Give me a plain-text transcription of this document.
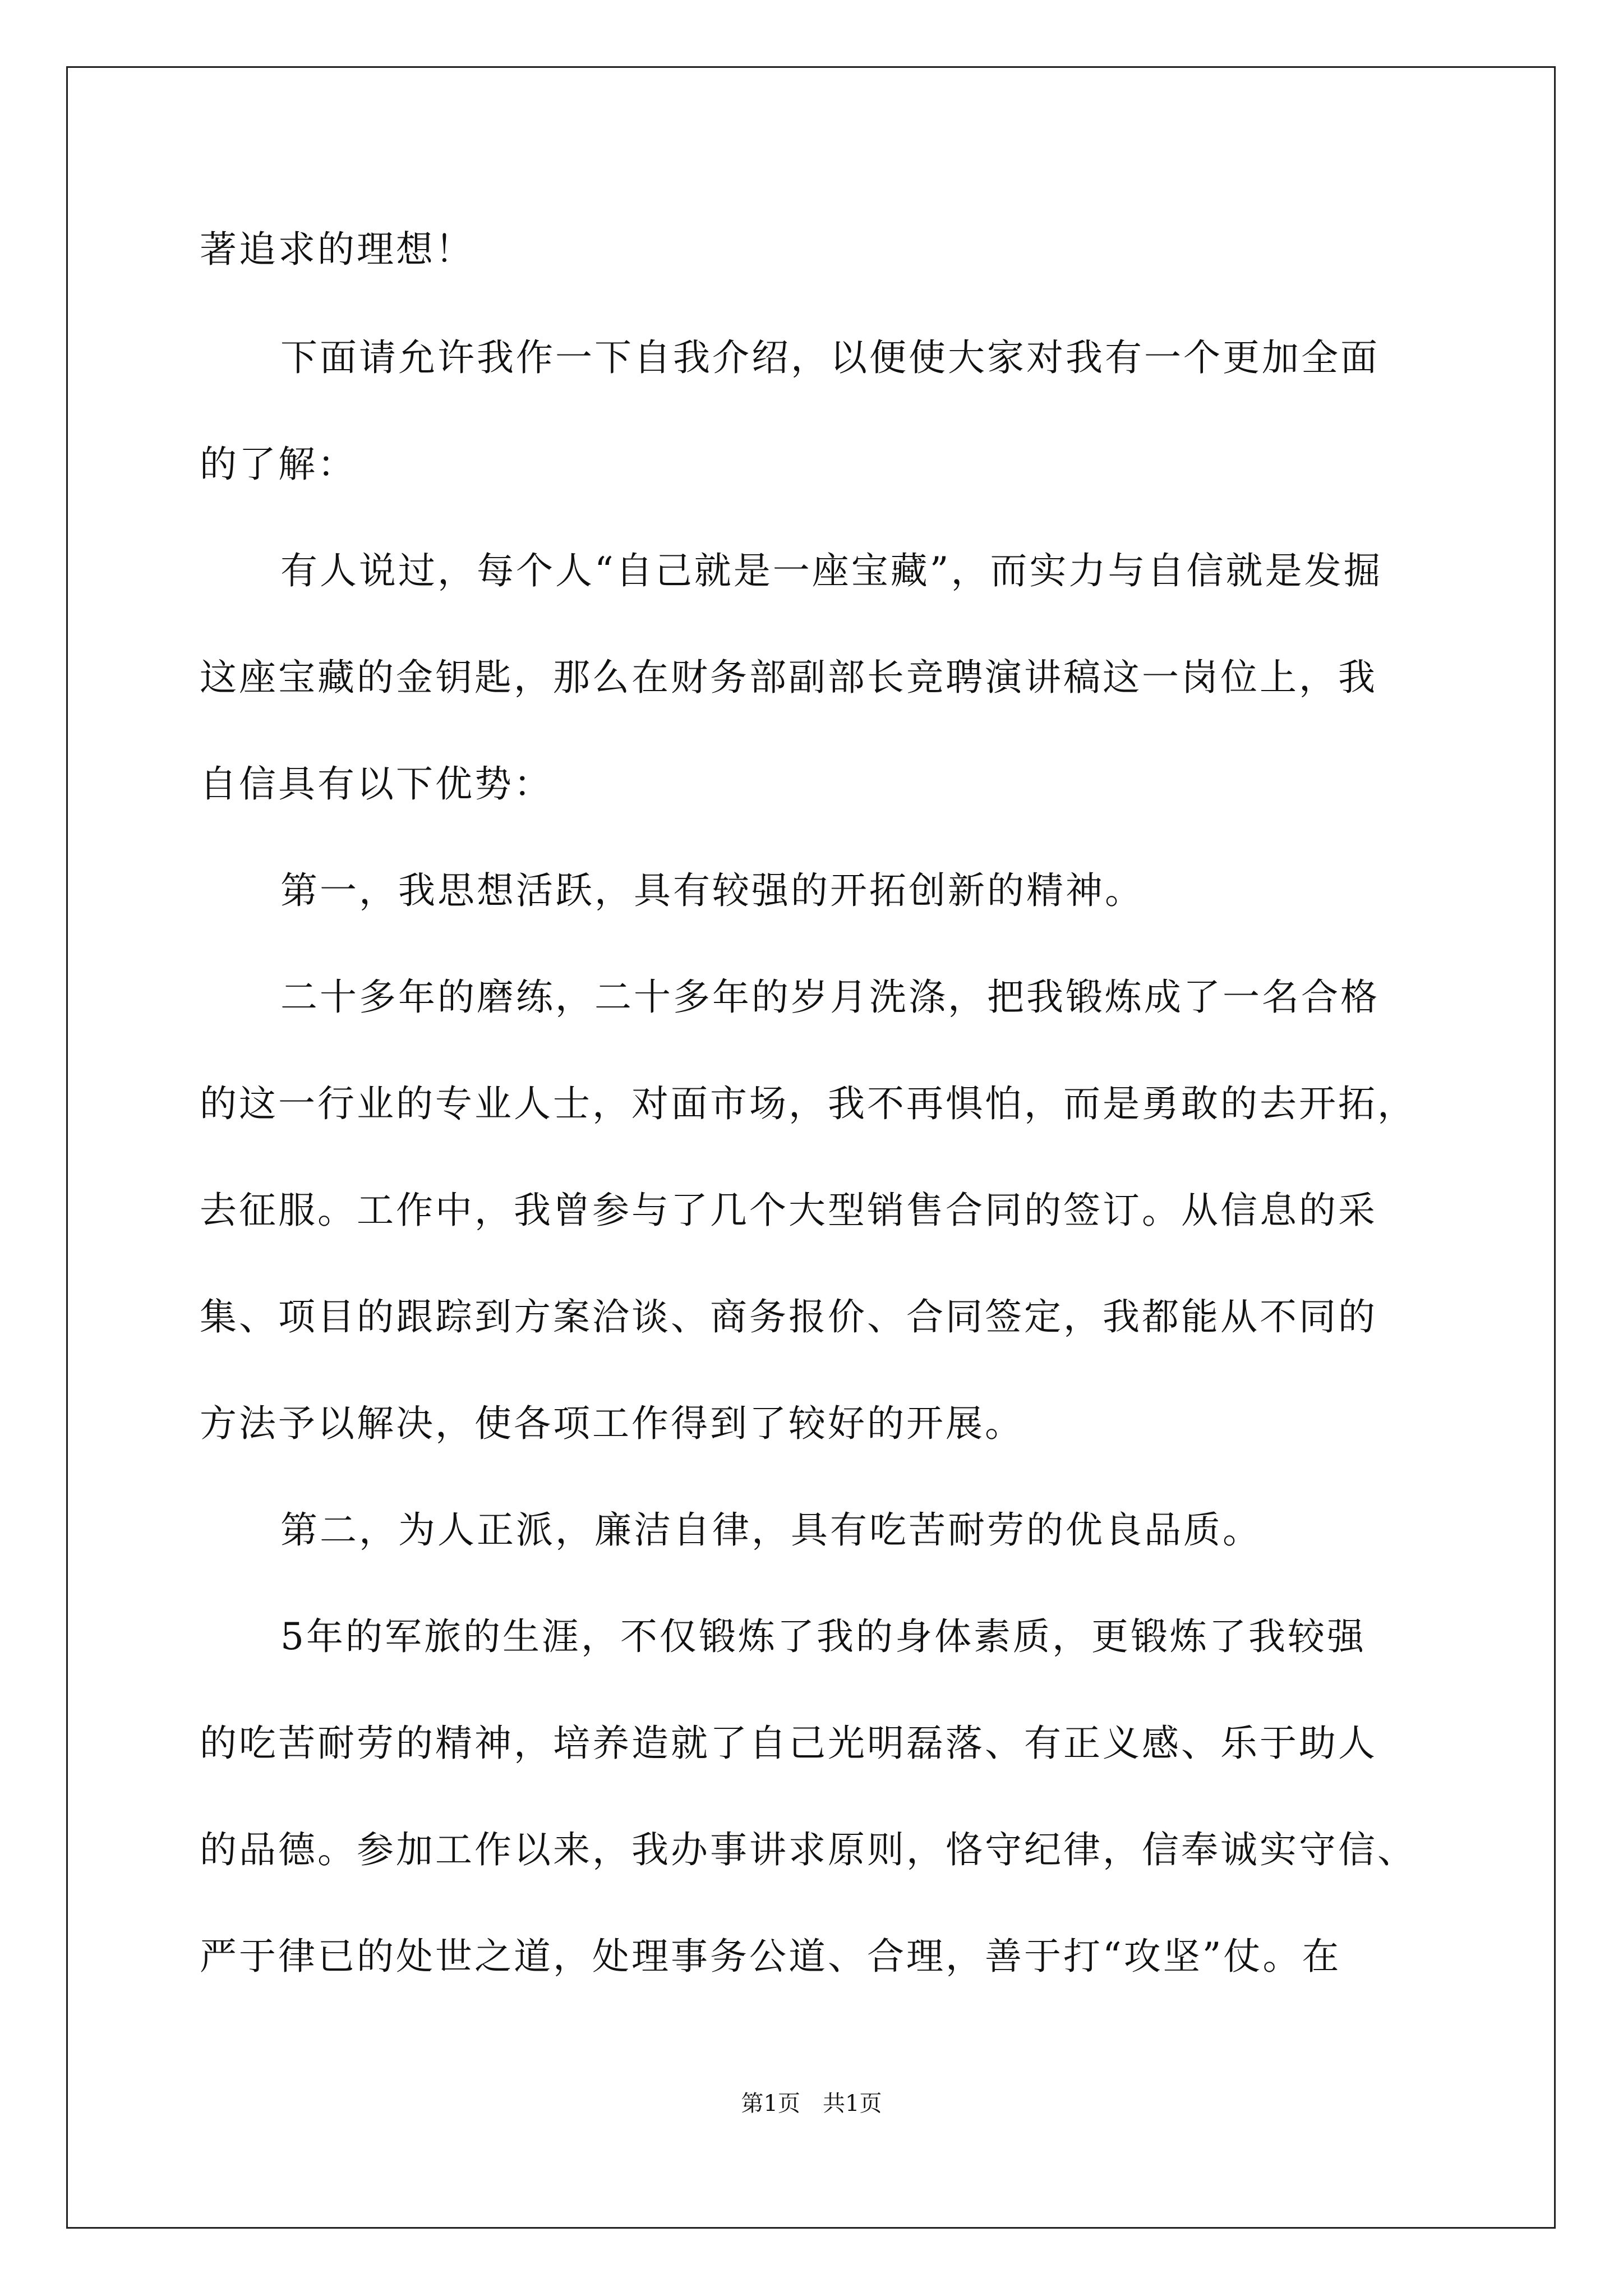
著追求的理想！
下面请允许我作一下自我介绍，以便使大家对我有一个更加全面
的了解：
有人说过，每个人“自己就是一座宝藏”，而实力与自信就是发掘
这座宝藏的金钥匙，那么在财务部副部长竞聘演讲稿这一岗位上，我
自信具有以下优势：
第一，我思想活跃，具有较强的开拓创新的精神。
二十多年的磨练，二十多年的岁月洗涤，把我锻炼成了一名合格
的这一行业的专业人士，对面市场，我不再惧怕，而是勇敢的去开拓，
去征服。工作中，我曾参与了几个大型销售合同的签订。从信息的采
集、项目的跟踪到方案洽谈、商务报价、合同签定，我都能从不同的
方法予以解决，使各项工作得到了较好的开展。
第二，为人正派，廉洁自律，具有吃苦耐劳的优良品质。
5年的军旅的生涯，不仅锻炼了我的身体素质，更锻炼了我较强
的吃苦耐劳的精神，培养造就了自己光明磊落、有正义感、乐于助人
的品德。参加工作以来，我办事讲求原则，恪守纪律，信奉诚实守信、
严于律已的处世之道，处理事务公道、合理，善于打“攻坚”仗。在
第1页　共1页
